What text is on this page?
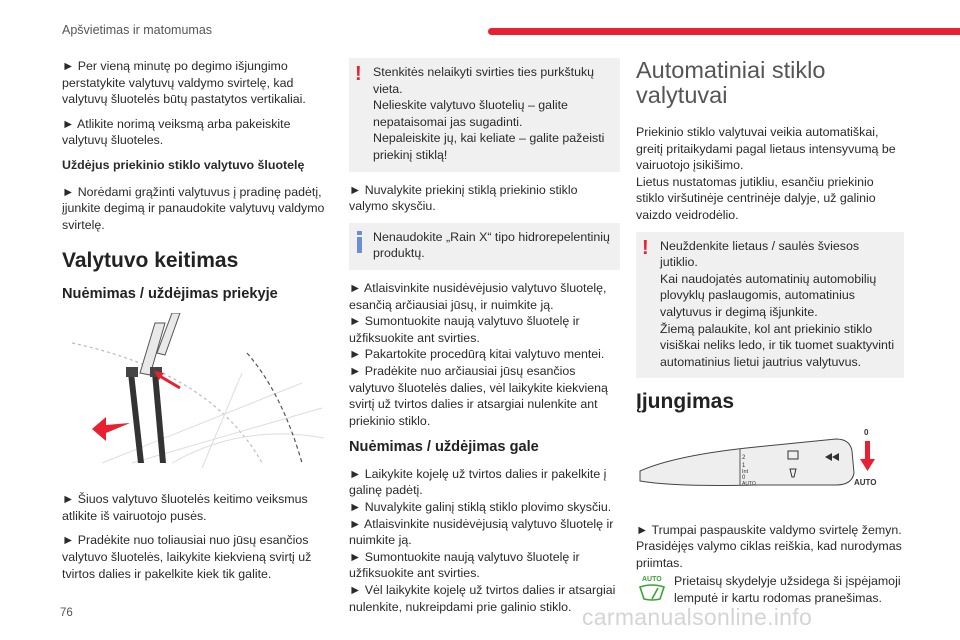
Apšvietimas ir matomumas
► Per vieną minutę po degimo išjungimo perstatykite valytuvų valdymo svirtelę, kad valytuvų šluotelės būtų pastatytos vertikaliai.
► Atlikite norimą veiksmą arba pakeiskite valytuvų šluoteles.
Uždėjus priekinio stiklo valytuvo šluotelę
► Norėdami grąžinti valytuvus į pradinę padėtį, įjunkite degimą ir panaudokite valytuvų valdymo svirtelę.
Valytuvo keitimas
Nuėmimas / uždėjimas priekyje
► Šiuos valytuvo šluotelės keitimo veiksmus atlikite iš vairuotojo pusės.
► Pradėkite nuo toliausiai nuo jūsų esančios valytuvo šluotelės, laikykite kiekvieną svirtį už tvirtos dalies ir pakelkite kiek tik galite.
! Stenkitės nelaikyti svirties ties purkštukų vieta.
Nelieskite valytuvo šluotelių – galite nepataisomai jas sugadinti.
Nepaleiskite jų, kai keliate – galite pažeisti priekinį stiklą!
► Nuvalykite priekinį stiklą priekinio stiklo valymo skysčiu.
Nenaudokite „Rain X“ tipo hidrorepelentinių produktų.
► Atlaisvinkite nusidėvėjusio valytuvo šluotelę, esančią arčiausiai jūsų, ir nuimkite ją.
► Sumontuokite naują valytuvo šluotelę ir užfiksuokite ant svirties.
► Pakartokite procedūrą kitai valytuvo mentei.
► Pradėkite nuo arčiausiai jūsų esančios valytuvo šluotelės dalies, vėl laikykite kiekvieną svirtį už tvirtos dalies ir atsargiai nulenkite ant priekinio stiklo.
Nuėmimas / uždėjimas gale
► Laikykite kojelę už tvirtos dalies ir pakelkite į galinę padėtį.
► Nuvalykite galinį stiklą stiklo plovimo skysčiu.
► Atlaisvinkite nusidėvėjusią valytuvo šluotelę ir nuimkite ją.
► Sumontuokite naują valytuvo šluotelę ir užfiksuokite ant svirties.
► Vėl laikykite kojelę už tvirtos dalies ir atsargiai nulenkite, nukreipdami prie galinio stiklo.
Automatiniai stiklo valytuvai
Priekinio stiklo valytuvai veikia automatiškai, greitį pritaikydami pagal lietaus intensyvumą be vairuotojo įsikišimo.
Lietus nustatomas jutikliu, esančiu priekinio stiklo viršutinėje centrinėje dalyje, už galinio vaizdo veidrodėlio.
! Neuždenkite lietaus / saulės šviesos jutiklio.
Kai naudojatės automatinių automobilių plovyklų paslaugomis, automatinius valytuvus ir degimą išjunkite.
Žiemą palaukite, kol ant priekinio stiklo visiškai neliks ledo, ir tik tuomet suaktyvinti automatinius lietui jautrius valytuvus.
Įjungimas
2
1
Int
0
AUTO
0
AUTO
► Trumpai paspauskite valdymo svirtelę žemyn.
Prasidėjęs valymo ciklas reiškia, kad nurodymas priimtas.
AUTO Prietaisų skydelyje užsidega ši įspėjamoji lemputė ir kartu rodomas pranešimas.
76	carmanualsonline.info
